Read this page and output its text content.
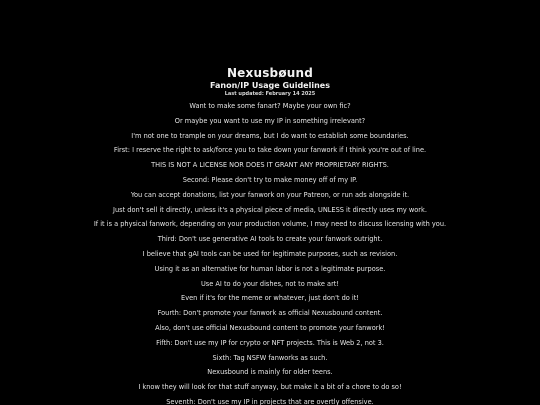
Nexusbøund
Fanon/IP Usage Guidelines
Last updated: February 14 2025
Want to make some fanart? Maybe your own fic?
Or maybe you want to use my IP in something irrelevant?
I'm not one to trample on your dreams, but I do want to establish some boundaries.
First: I reserve the right to ask/force you to take down your fanwork if I think you're out of line.
THIS IS NOT A LICENSE NOR DOES IT GRANT ANY PROPRIETARY RIGHTS.
Second: Please don't try to make money off of my IP.
You can accept donations, list your fanwork on your Patreon, or run ads alongside it.
Just don't sell it directly, unless it's a physical piece of media, UNLESS it directly uses my work.
If it is a physical fanwork, depending on your production volume, I may need to discuss licensing with you.
Third: Don't use generative AI tools to create your fanwork outright.
I believe that gAI tools can be used for legitimate purposes, such as revision.
Using it as an alternative for human labor is not a legitimate purpose.
Use AI to do your dishes, not to make art!
Even if it's for the meme or whatever, just don't do it!
Fourth: Don't promote your fanwork as official Nexusbound content.
Also, don't use official Nexusbound content to promote your fanwork!
Fifth: Don't use my IP for crypto or NFT projects. This is Web 2, not 3.
Sixth: Tag NSFW fanworks as such.
Nexusbound is mainly for older teens.
I know they will look for that stuff anyway, but make it a bit of a chore to do so!
Seventh: Don't use my IP in projects that are overtly offensive.
